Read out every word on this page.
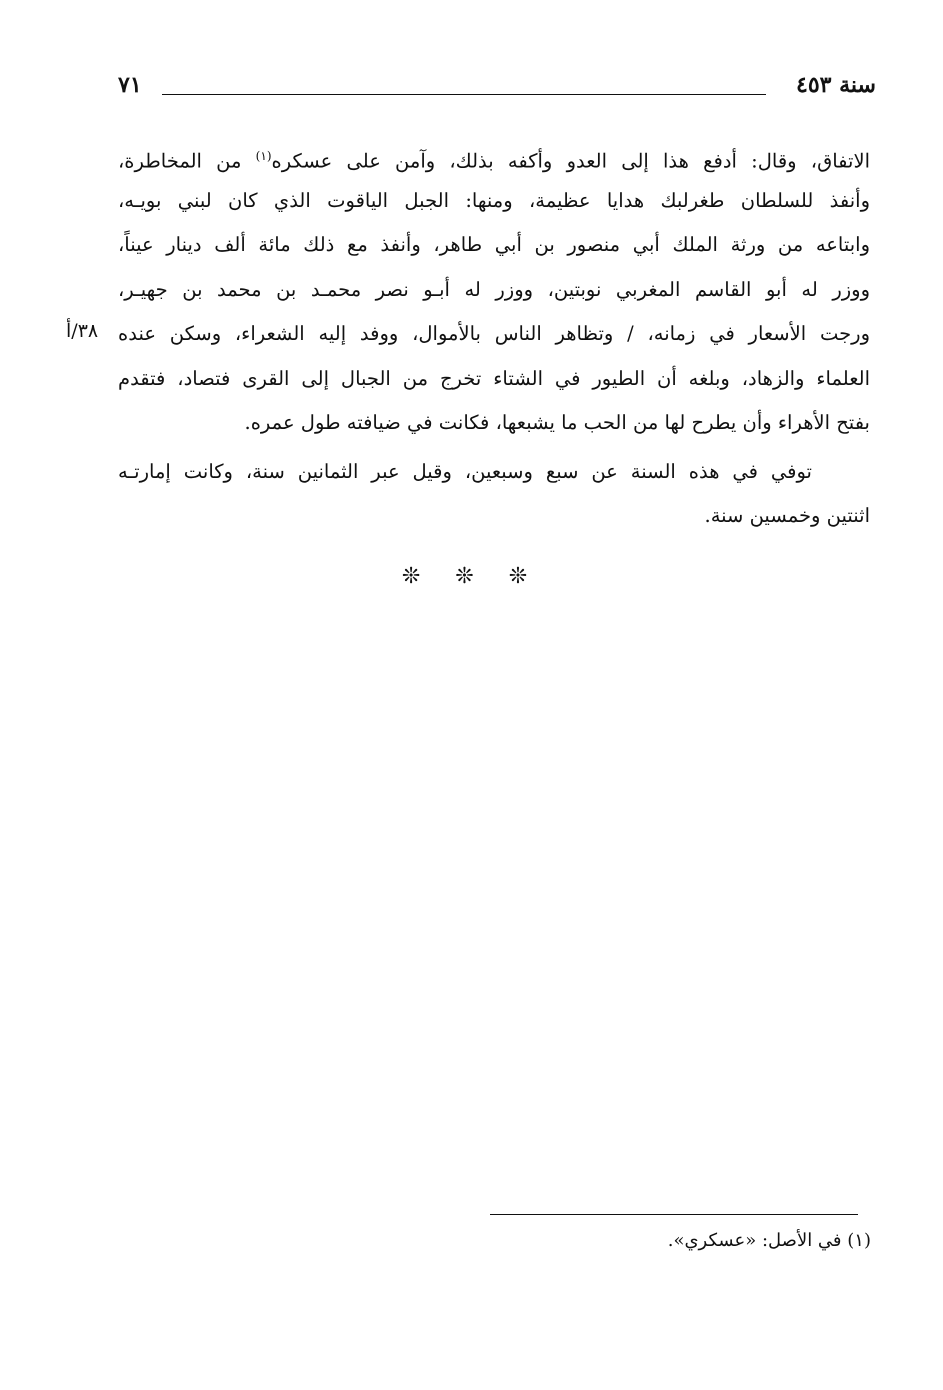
سنة ٤٥٣
٧١
الاتفاق، وقال: أدفع هذا إلى العدو وأكفه بذلك، وآمن على عسكره$^{(١)}$ من المخاطرة،
وأنفذ للسلطان طغرلبك هدايا عظيمة، ومنها: الجبل الياقوت الذي كان لبني بويـه،
وابتاعه من ورثة الملك أبي منصور بن أبي طاهر، وأنفذ مع ذلك مائة ألف دينار عيناً،
ووزر له أبو القاسم المغربي نوبتين، ووزر له أبـو نصر محمـد بن محمد بن جهيـر،
ورجت الأسعار في زمانه، / وتظاهر الناس بالأموال، ووفد إليه الشعراء، وسكن عنده
العلماء والزهاد، وبلغه أن الطيور في الشتاء تخرج من الجبال إلى القرى فتصاد، فتقدم
بفتح الأهراء وأن يطرح لها من الحب ما يشبعها، فكانت في ضيافته طول عمره.
توفي في هذه السنة عن سبع وسبعين، وقيل عبر الثمانين سنة، وكانت إمارتـه
اثنتين وخمسين سنة.
٣٨/أ
❊ ❊ ❊
(١) في الأصل: «عسكري».
